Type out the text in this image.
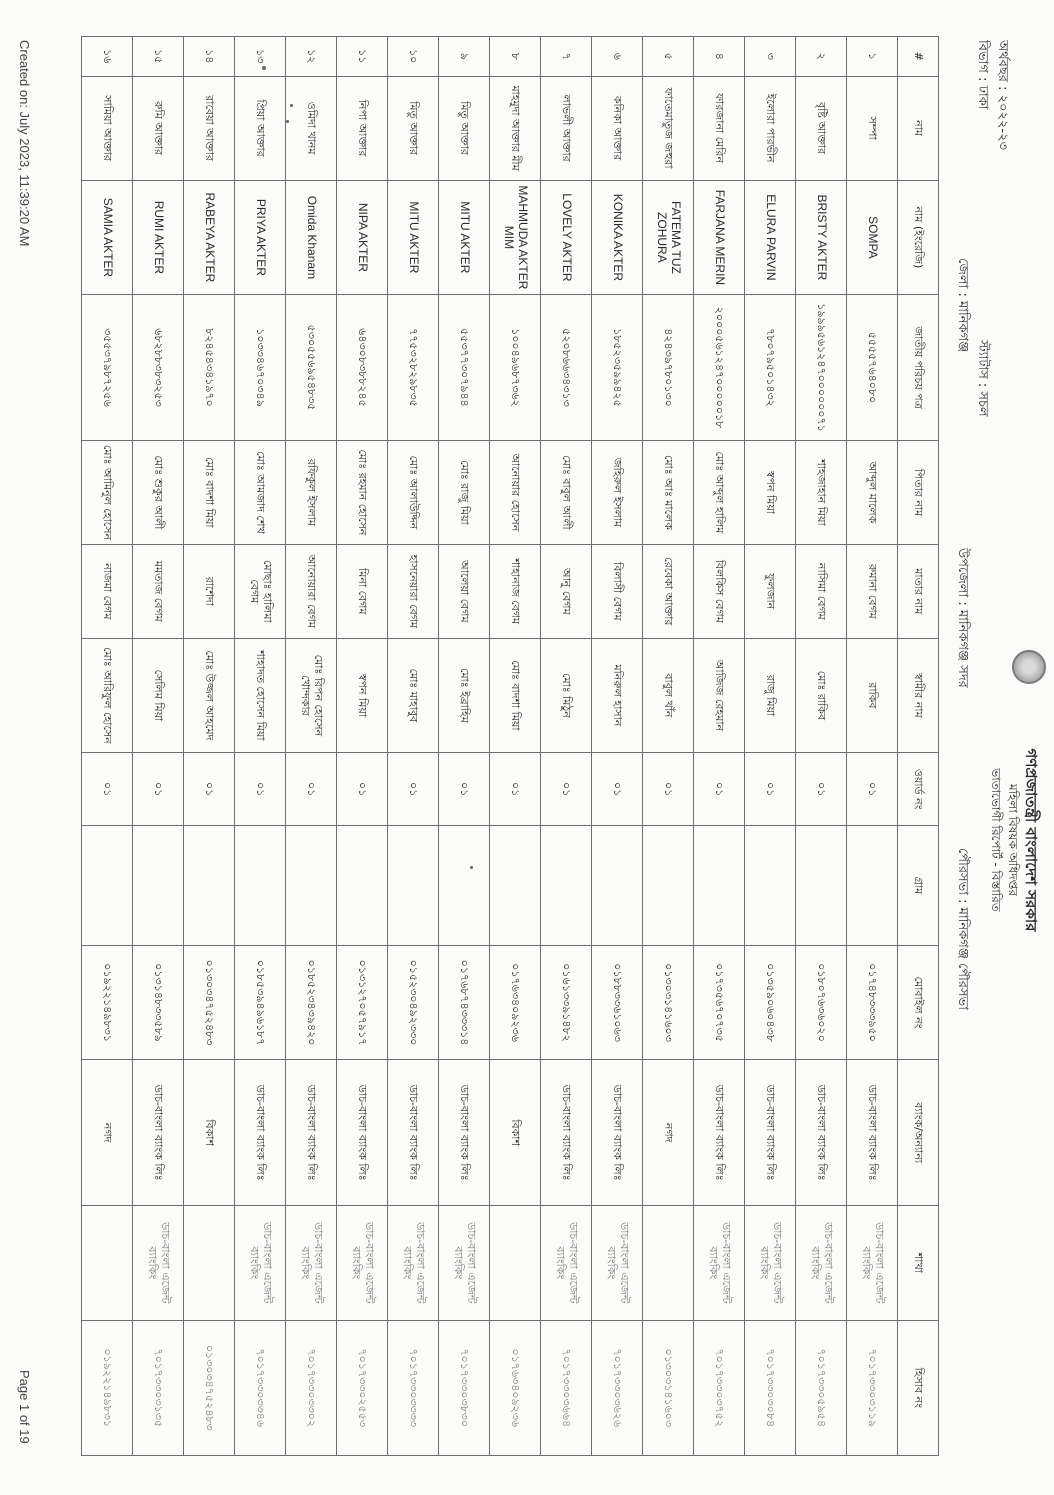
গণপ্রজাতন্ত্রী বাংলাদেশ সরকার
মহিলা বিষয়ক অধিদপ্তর
ভাতাভোগী রিপোর্ট - বিস্তারিত
অর্থবছর : ২০২২-২৩
বিভাগ : ঢাকা
স্ট্যাটাস : সচল
জেলা : মানিকগঞ্জ
উপজেলা : মানিকগঞ্জ সদর
পৌরসভা : মানিকগঞ্জ পৌরসভা
#	নাম	নাম (ইংরেজি)	জাতীয় পরিচয় পত্র	পিতার নাম	মাতার নাম	স্বামীর নাম	ওয়ার্ড নং	গ্রাম	মোবাইল নং	ব্যাংক/অন্যান্য	শাখা	হিসাব নং
১	সম্পা	SOMPA	৫৫৫৫৭৬৪০৮০	আব্দুল মালেক	রুমানা বেগম	রাকিব	০১		০১৭৪৮৩৩৩৯৫০	ডাচ-বাংলা ব্যাংক লিঃ	ডাচ-বাংলা এজেন্ট ব্যাংকিং	৭০১৭৩৩০৩১১৯
২	বৃষ্টি আক্তার	BRISTY AKTER	১৯৯৯৫৬১২৪৭০০০০০০৭১	শাহজাহান মিয়া	নাসিমা বেগম	মোঃ রাকিব	০১		০১৮০৭৬৩৬০২০	ডাচ-বাংলা ব্যাংক লিঃ	ডাচ-বাংলা এজেন্ট ব্যাংকিং	৭০১৭৩৩০৫৯৫৪
৩	ইলোরা পারভীন	ELURA PARVIN	৭৮০৭৯৫০১৪৩২	স্বপন মিয়া	ফুলজান	রাজু মিয়া	০১		০১৩৫৯০৬০৪৩৮	ডাচ-বাংলা ব্যাংক লিঃ	ডাচ-বাংলা এজেন্ট ব্যাংকিং	৭০১৭৩৩০৩০৮৪
৪	ফারজানা মেরিন	FARJANA MERIN	২০০০৫৬১২৪৭০০০০০১৮	মোঃ আব্দুল হালিম	বিলকিস বেগম	আজিজ রেহমান	০১		০১৭৩৫৬৭০৭৩৫	ডাচ-বাংলা ব্যাংক লিঃ	ডাচ-বাংলা এজেন্ট ব্যাংকিং	৭০১৭৩৩০৩৭৫২
৫	ফাতেমাতুজ জহুরা	FATEMA TUZ ZOHURA	৪২৪৩৯৭৮০১৩০	মোঃ আঃ মালেক	রেবেকা আক্তার	বাবুল খাঁন	০১		০১৩০৩১৪১৬০৩	নগদ		০১৩০৩১৪১৬০৩
৬	কনিকা আক্তার	KONIKA AKTER	১৮৫২৩৫৯৯৪২৫	জহিরুল ইসলাম	বিলাসী বেগম	মনিরুল হাসান	০১		০১৮৮৩৩৬১০৬৩	ডাচ-বাংলা ব্যাংক লিঃ	ডাচ-বাংলা এজেন্ট ব্যাংকিং	৭০১৭৩৩০৩৬২৬
৭	লাভলী আক্তার	LOVELY AKTER	৫২০৮৬৬৩৪৩১৩	মোঃ বাবুল আলী	আনু বেগম	মোঃ মিঠুন	০১		০১৬১৩৩৯১৪৮২	ডাচ-বাংলা ব্যাংক লিঃ	ডাচ-বাংলা এজেন্ট ব্যাংকিং	৭০১৭৩৩০৩৬৬৪
৮	মাহমুদা আক্তার মীম	MAHMUDA AKTER MIM	১০০৪৯৬৮৭৩৬২	আনোয়ার হোসেন	শাহানাজ বেগম	মোঃ বাদশা মিয়া	০১		০১৭৬৩৪০৯২৩৬	বিকাশ		০১৭৬৩৪০৯২৩৬
৯	মিতু আক্তার	MITU AKTER	৫৫৩৭৭৩০৭৯৪৪	মোঃ রাজু মিয়া	আলেয়া বেগম	মোঃ ইব্রাহিম	০১		০১৭৬৮৭৪৩৩৩১৪	ডাচ-বাংলা ব্যাংক লিঃ	ডাচ-বাংলা এজেন্ট ব্যাংকিং	৭০১৭৩৩০৩৮৩০
১০	মিতু আক্তার	MITU AKTER	৭৭৫৩২৮২৯৮৩৫	মোঃ আলাউদ্দিন	হাসনেয়ারা বেগম	মোঃ মাহাবুব	০১		০১৫২৩০৪৯২৩৩০	ডাচ-বাংলা ব্যাংক লিঃ	ডাচ-বাংলা এজেন্ট ব্যাংকিং	৭০১৭৩৩০৩৩৩৩
১১	নিপা আক্তার	NIPA AKTER	৬৪৩০৮৩৮৮২৪৫	মোঃ রহমান হোসেন	মিনা বেগম	স্বপন মিয়া	০১		০১৩১২৭০৫৭৯১৭	ডাচ-বাংলা ব্যাংক লিঃ	ডাচ-বাংলা এজেন্ট ব্যাংকিং	৭০১৭৩৩০২৫৫৩
১২	ওমিদা খানম	Omida Khanam	৫৩০৫৫৬৯৫৪৮৩৫	রফিকুল ইসলাম	আনোয়ারা বেগম	মোঃ রিপন হোসেন খোন্দকার	০১		০১৮৫২৩৪৩৯৪২০	ডাচ-বাংলা ব্যাংক লিঃ	ডাচ-বাংলা এজেন্ট ব্যাংকিং	৭০১৭৩৩০৩৩০২
১৩	প্রিয়া আক্তার	PRIYA AKTER	১০৩৩৪৬৭০৩৪৯	মোঃ আমজাদ শেখ	মোছাঃ হালিমা বেগম	শাহাদত হোসেন মিয়া	০১		০১৮৫৩৯৪৯৬১৮৭	ডাচ-বাংলা ব্যাংক লিঃ	ডাচ-বাংলা এজেন্ট ব্যাংকিং	৭০১৭৩৩০৩৩৪৬
১৪	রাবেয়া আক্তার	RABEYA AKTER	৮২৪৫৪৩৪১৯৭০	মোঃ বাদশা মিয়া	রাশেদা	মোঃ উজ্জল আহমেদ	০১		০১৩০৩৪৭৫২৪৮৩	বিকাশ		০১৩০৩৪৭৫২৪৮৩
১৫	রুমি আক্তার	RUMI AKTER	৬৮২৮৮৩৮৩২৫৩	মোঃ শুকুর আলী	মমতাজ বেগম	সেলিম মিয়া	০১		০১৩১৪৮৩৩৫৮৯	ডাচ-বাংলা ব্যাংক লিঃ	ডাচ-বাংলা এজেন্ট ব্যাংকিং	৭০১৭৩৩০৩১৩৫
১৬	সামিয়া আক্তার	SAMIA AKTER	৩৫৫৩৭৯৮৭২৫৬	মোঃ আমিনুল হোসেন	নাজমা বেগম	মোঃ আরিফুল হোসেন	০১		০১৯২২১৪৯৮৩১	নগদ		০১৯২২১৪৯৮৩১
Created on: July 2023, 11:39:20 AM
Page 1 of 19
